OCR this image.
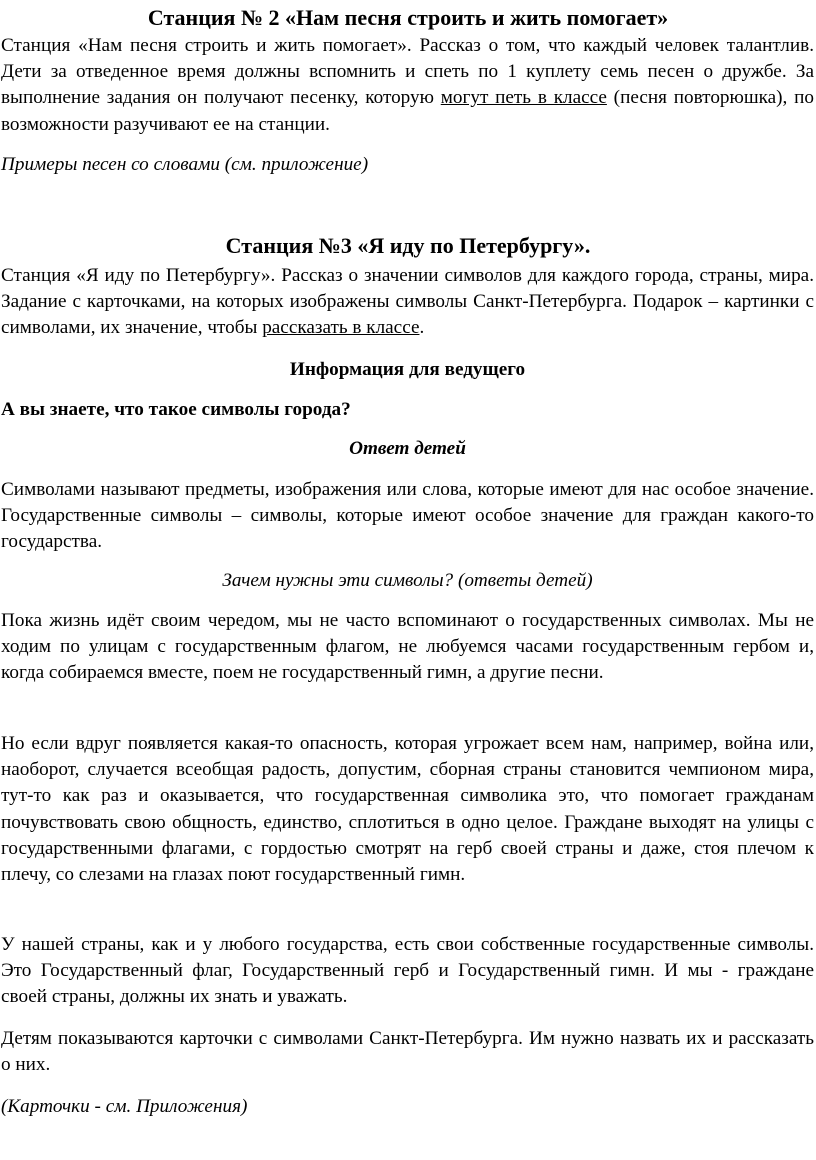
Станция № 2 «Нам песня строить и жить помогает»

Станция «Нам песня строить и жить помогает». Рассказ о том, что каждый человек талантлив. Дети за отведенное время должны вспомнить и спеть по 1 куплету семь песен о дружбе. За выполнение задания он получают песенку, которую могут петь в классе (песня повторюшка), по возможности разучивают ее на станции.

Примеры песен со словами (см. приложение)

Станция №3 «Я иду по Петербургу».

Станция «Я иду по Петербургу». Рассказ о значении символов для каждого города, страны, мира. Задание с карточками, на которых изображены символы Санкт-Петербурга. Подарок – картинки с символами, их значение, чтобы рассказать в классе.

Информация для ведущего

А вы знаете, что такое символы города?

Ответ детей

Символами называют предметы, изображения или слова, которые имеют для нас особое значение. Государственные символы – символы, которые имеют особое значение для граждан какого-то государства.

Зачем нужны эти символы? (ответы детей)

Пока жизнь идёт своим чередом, мы не часто вспоминают о государственных символах. Мы не ходим по улицам с государственным флагом, не любуемся часами государственным гербом и, когда собираемся вместе, поем не государственный гимн, а другие песни.

Но если вдруг появляется какая-то опасность, которая угрожает всем нам, например, война или, наоборот, случается всеобщая радость, допустим, сборная страны становится чемпионом мира, тут-то как раз и оказывается, что государственная символика это, что помогает гражданам почувствовать свою общность, единство, сплотиться в одно целое. Граждане выходят на улицы с государственными флагами, с гордостью смотрят на герб своей страны и даже, стоя плечом к плечу, со слезами на глазах поют государственный гимн.

У нашей страны, как и у любого государства, есть свои собственные государственные символы. Это Государственный флаг, Государственный герб и Государственный гимн. И мы - граждане своей страны, должны их знать и уважать.

Детям показываются карточки с символами Санкт-Петербурга. Им нужно назвать их и рассказать о них.

(Карточки - см. Приложения)
